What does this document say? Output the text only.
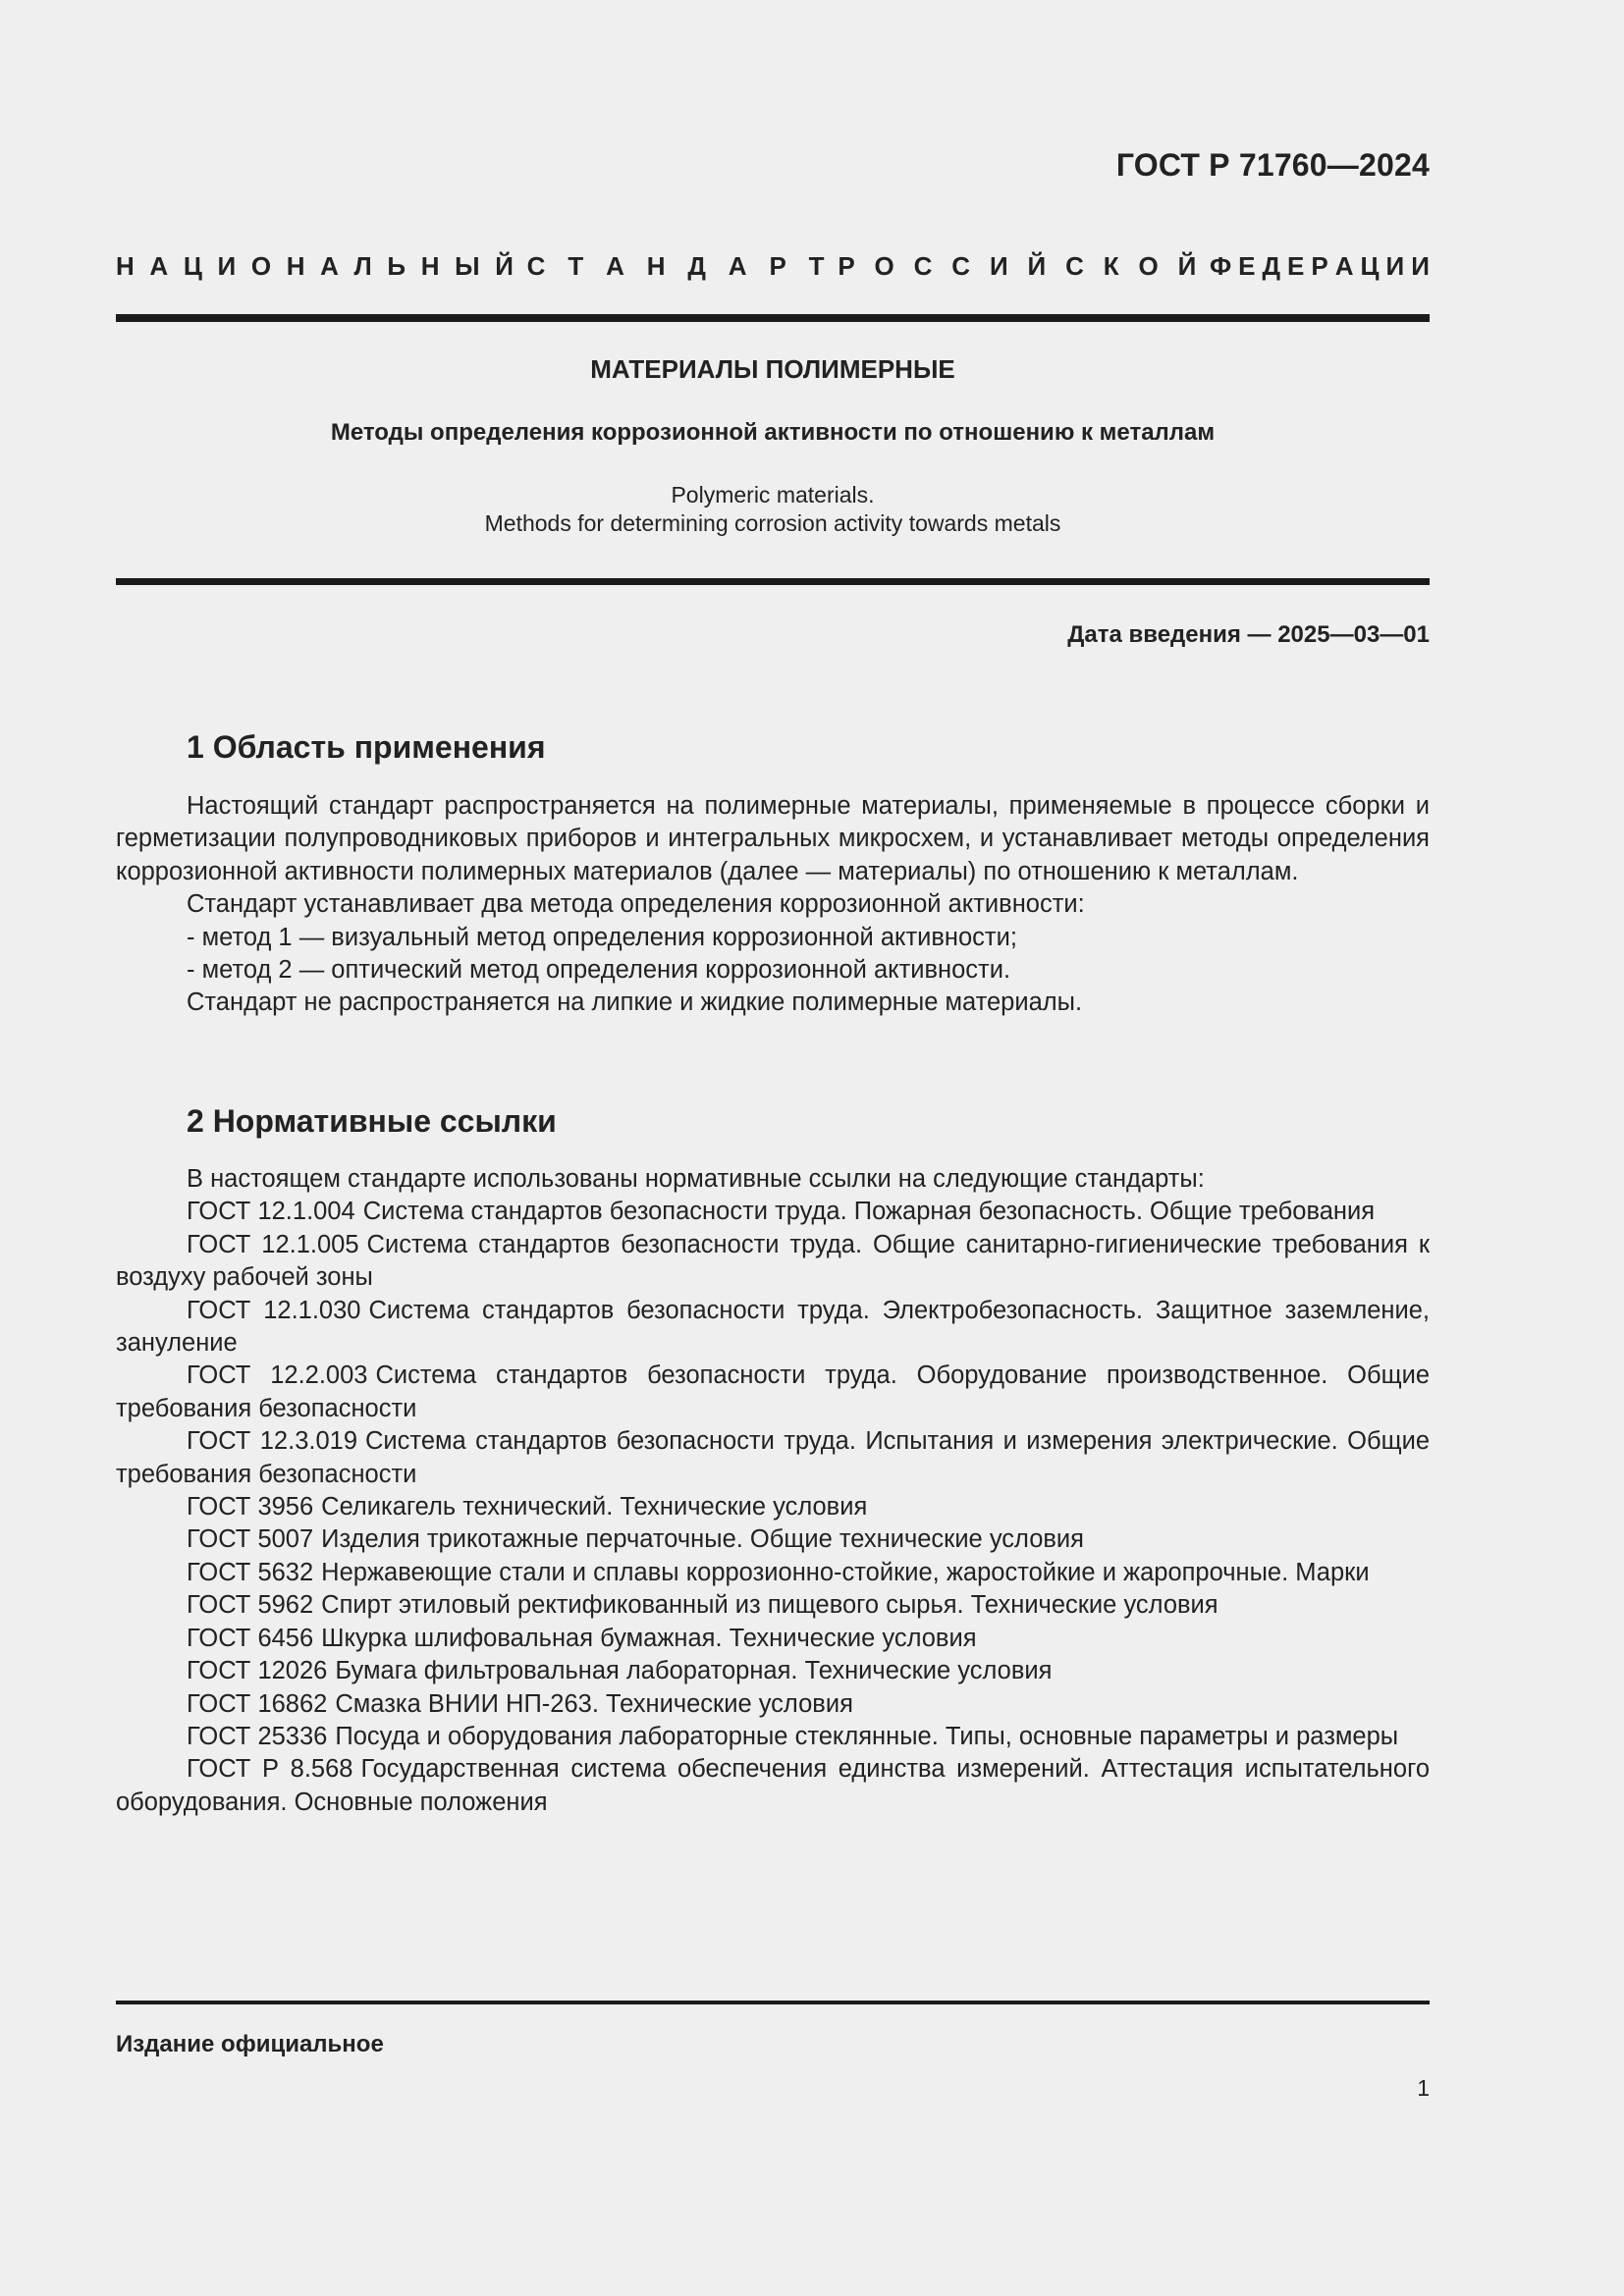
ГОСТ Р 71760—2024
Н А Ц И О Н А Л Ь Н Ы Й С Т А Н Д А Р Т Р О С С И Й С К О Й Ф Е Д Е Р А Ц И И
МАТЕРИАЛЫ ПОЛИМЕРНЫЕ
Методы определения коррозионной активности по отношению к металлам
Polymeric materials.
Methods for determining corrosion activity towards metals
Дата введения — 2025—03—01
1 Область применения

Настоящий стандарт распространяется на полимерные материалы, применяемые в процессе сборки и герметизации полупроводниковых приборов и интегральных микросхем, и устанавливает методы определения коррозионной активности полимерных материалов (далее — материалы) по отношению к металлам.

Стандарт устанавливает два метода определения коррозионной активности:

- метод 1 — визуальный метод определения коррозионной активности;

- метод 2 — оптический метод определения коррозионной активности.

Стандарт не распространяется на липкие и жидкие полимерные материалы.

2 Нормативные ссылки

В настоящем стандарте использованы нормативные ссылки на следующие стандарты:

ГОСТ 12.1.004 Система стандартов безопасности труда. Пожарная безопасность. Общие требования

ГОСТ 12.1.005 Система стандартов безопасности труда. Общие санитарно-гигиенические требования к воздуху рабочей зоны

ГОСТ 12.1.030 Система стандартов безопасности труда. Электробезопасность. Защитное заземление, зануление

ГОСТ 12.2.003 Система стандартов безопасности труда. Оборудование производственное. Общие требования безопасности

ГОСТ 12.3.019 Система стандартов безопасности труда. Испытания и измерения электрические. Общие требования безопасности

ГОСТ 3956 Селикагель технический. Технические условия

ГОСТ 5007 Изделия трикотажные перчаточные. Общие технические условия

ГОСТ 5632 Нержавеющие стали и сплавы коррозионно-стойкие, жаростойкие и жаропрочные. Марки

ГОСТ 5962 Спирт этиловый ректификованный из пищевого сырья. Технические условия

ГОСТ 6456 Шкурка шлифовальная бумажная. Технические условия

ГОСТ 12026 Бумага фильтровальная лабораторная. Технические условия

ГОСТ 16862 Смазка ВНИИ НП-263. Технические условия

ГОСТ 25336 Посуда и оборудования лабораторные стеклянные. Типы, основные параметры и размеры

ГОСТ Р 8.568 Государственная система обеспечения единства измерений. Аттестация испытательного оборудования. Основные положения

Издание официальное
1
